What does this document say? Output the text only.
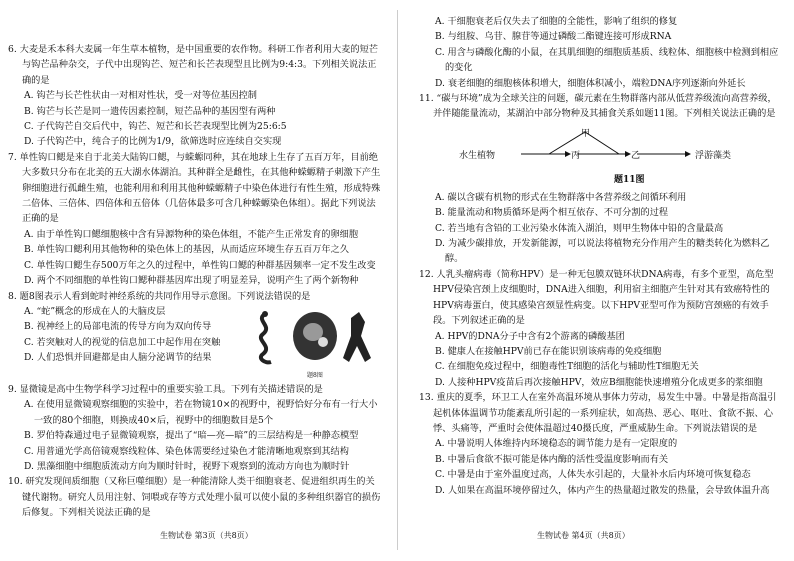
6. 大麦是禾本科大麦属一年生草本植物，是中国重要的农作物。科研工作者利用大麦的短芒与钩芒品种杂交，子代中出现钩芒、短芒和长芒表现型且比例为9:4:3。下列相关说法正确的是

A. 钩芒与长芒性状由一对相对性状，受一对等位基因控制

B. 钩芒与长芒是同一遗传因素控制，短芒品种的基因型有两种

C. 子代钩芒自交后代中，钩芒、短芒和长芒表现型比例为25:6:5

D. 子代钩芒中，纯合子的比例为1/9，欲筛选时应连续自交实现

7. 单性钩口鳃是来自于北美大陆钩口鳃，与蝾螈同种，其在地球上生存了五百万年，目前绝大多数只分布在北美的五大湖水体湖泊。其种群全是雌性，在其他种蝾螈精子刺激下产生卵细胞进行孤雌生殖，也能利用和利用其他种蝾螈精子中染色体进行有性生殖，形成特殊二倍体、三倍体、四倍体和五倍体（几倍体最多可含几种蝾螈染色体组）。据此下列说法正确的是

A. 由于单性钩口鳃细胞核中含有异源物种的染色体组，不能产生正常发育的卵细胞

B. 单性钩口鳃利用其他物种的染色体上的基因，从而适应环境生存五百万年之久

C. 单性钩口鳃生存500万年之久的过程中，单性钩口鳃的种群基因频率一定不发生改变

D. 两个不同细胞的单性钩口鳃种群基因库出现了明显差异，说明产生了两个新物种

8. 题8图表示人看到蛇时神经系统的共同作用导示意图。下列说法错误的是

A. “蛇”概念的形成在人的大脑皮层

B. 视神经上的局部电流的传导方向为双向传导

C. 若突触对人的视觉的信息加工中起作用在突触

D. 人们恐惧并回避都是由人脑分泌调节的结果

题8图

9. 显微镜是高中生物学科学习过程中的重要实验工具。下列有关描述错误的是

A. 在使用显微镜观察细胞的实验中，若在物镜10×的视野中，视野恰好分布有一行大小一致的80个细胞，则换成40×后，视野中的细胞数目是5个

B. 罗伯特森通过电子显微镜观察，提出了“暗—亮—暗”的三层结构是一种静态模型

C. 用普通光学高倍镜观察线粒体、染色体需要经过染色才能清晰地观察到其结构

D. 黑藻细胞中细胞质流动方向为顺时针时，视野下观察到的流动方向也为顺时针

10. 研究发现间质细胞（又称巨噬细胞）是一种能清除人类干细胞衰老、促进组织再生的关键代谢物。研究人员用注射、饲喂或存等方式处理小鼠可以使小鼠的多种组织器官的损伤后修复。下列相关说法正确的是

生物试卷 第3页（共8页）

A. 干细胞衰老后仅失去了细胞的全能性，影响了组织的修复

B. 与组胺、乌苷、腺苷等通过磷酸二酯键连接可形成RNA

C. 用含与磷酸化酶的小鼠，在其肌细胞的细胞质基质、线粒体、细胞核中检测到相应的变化

D. 衰老细胞的细胞核体积增大，细胞体积减小，端粒DNA序列逐渐向外延长

11. “碳与环境”成为全球关注的问题，碳元素在生物群落内部从低营养级流向高营养级，并伴随能量流动，某湖泊中部分物种及其捕食关系如题11图。下列相关说法正确的是

水生植物
甲
丙	乙	浮游藻类
题11图

A. 碳以含碳有机物的形式在生物群落中各营养级之间循环利用

B. 能量流动和物质循环是两个相互依存、不可分割的过程

C. 若当地有含铅的工业污染水体流入湖泊，则甲生物体中铅的含量最高

D. 为减少碳排放，开发新能源，可以说法将植物充分作用产生的糖类转化为燃料乙醇。

12. 人乳头瘤病毒（简称HPV）是一种无包膜双链环状DNA病毒，有多个亚型，高危型HPV侵染宫颈上皮细胞时，DNA进入细胞，利用宿主细胞产生针对其有致癌特性的HPV病毒蛋白，使其感染宫颈显性病变。以下HPV亚型可作为预防宫颈癌的有效手段。下列叙述正确的是

A. HPV的DNA分子中含有2个游离的磷酸基团

B. 健康人在接触HPV前已存在能识别该病毒的免疫细胞

C. 在细胞免疫过程中，细胞毒性T细胞的活化与辅助性T细胞无关

D. 人接种HPV疫苗后再次接触HPV，效应B细胞能快速增殖分化成更多的浆细胞

13. 重庆的夏季，环卫工人在室外高温环境从事体力劳动，易发生中暑。中暑是指高温引起机体体温调节功能紊乱所引起的一系列症状，如高热、恶心、呕吐、食欲不振、心悸、头痛等，严重时会使体温超过40摄氏度，严重威胁生命。下列说法错误的是

A. 中暑说明人体维持内环境稳态的调节能力是有一定限度的

B. 中暑后食欲不振可能是体内酶的活性受温度影响而有关

C. 中暑是由于室外温度过高，人体失水引起的，大量补水后内环境可恢复稳态

D. 人如果在高温环境停留过久，体内产生的热量超过散发的热量，会导致体温升高

生物试卷 第4页（共8页）
